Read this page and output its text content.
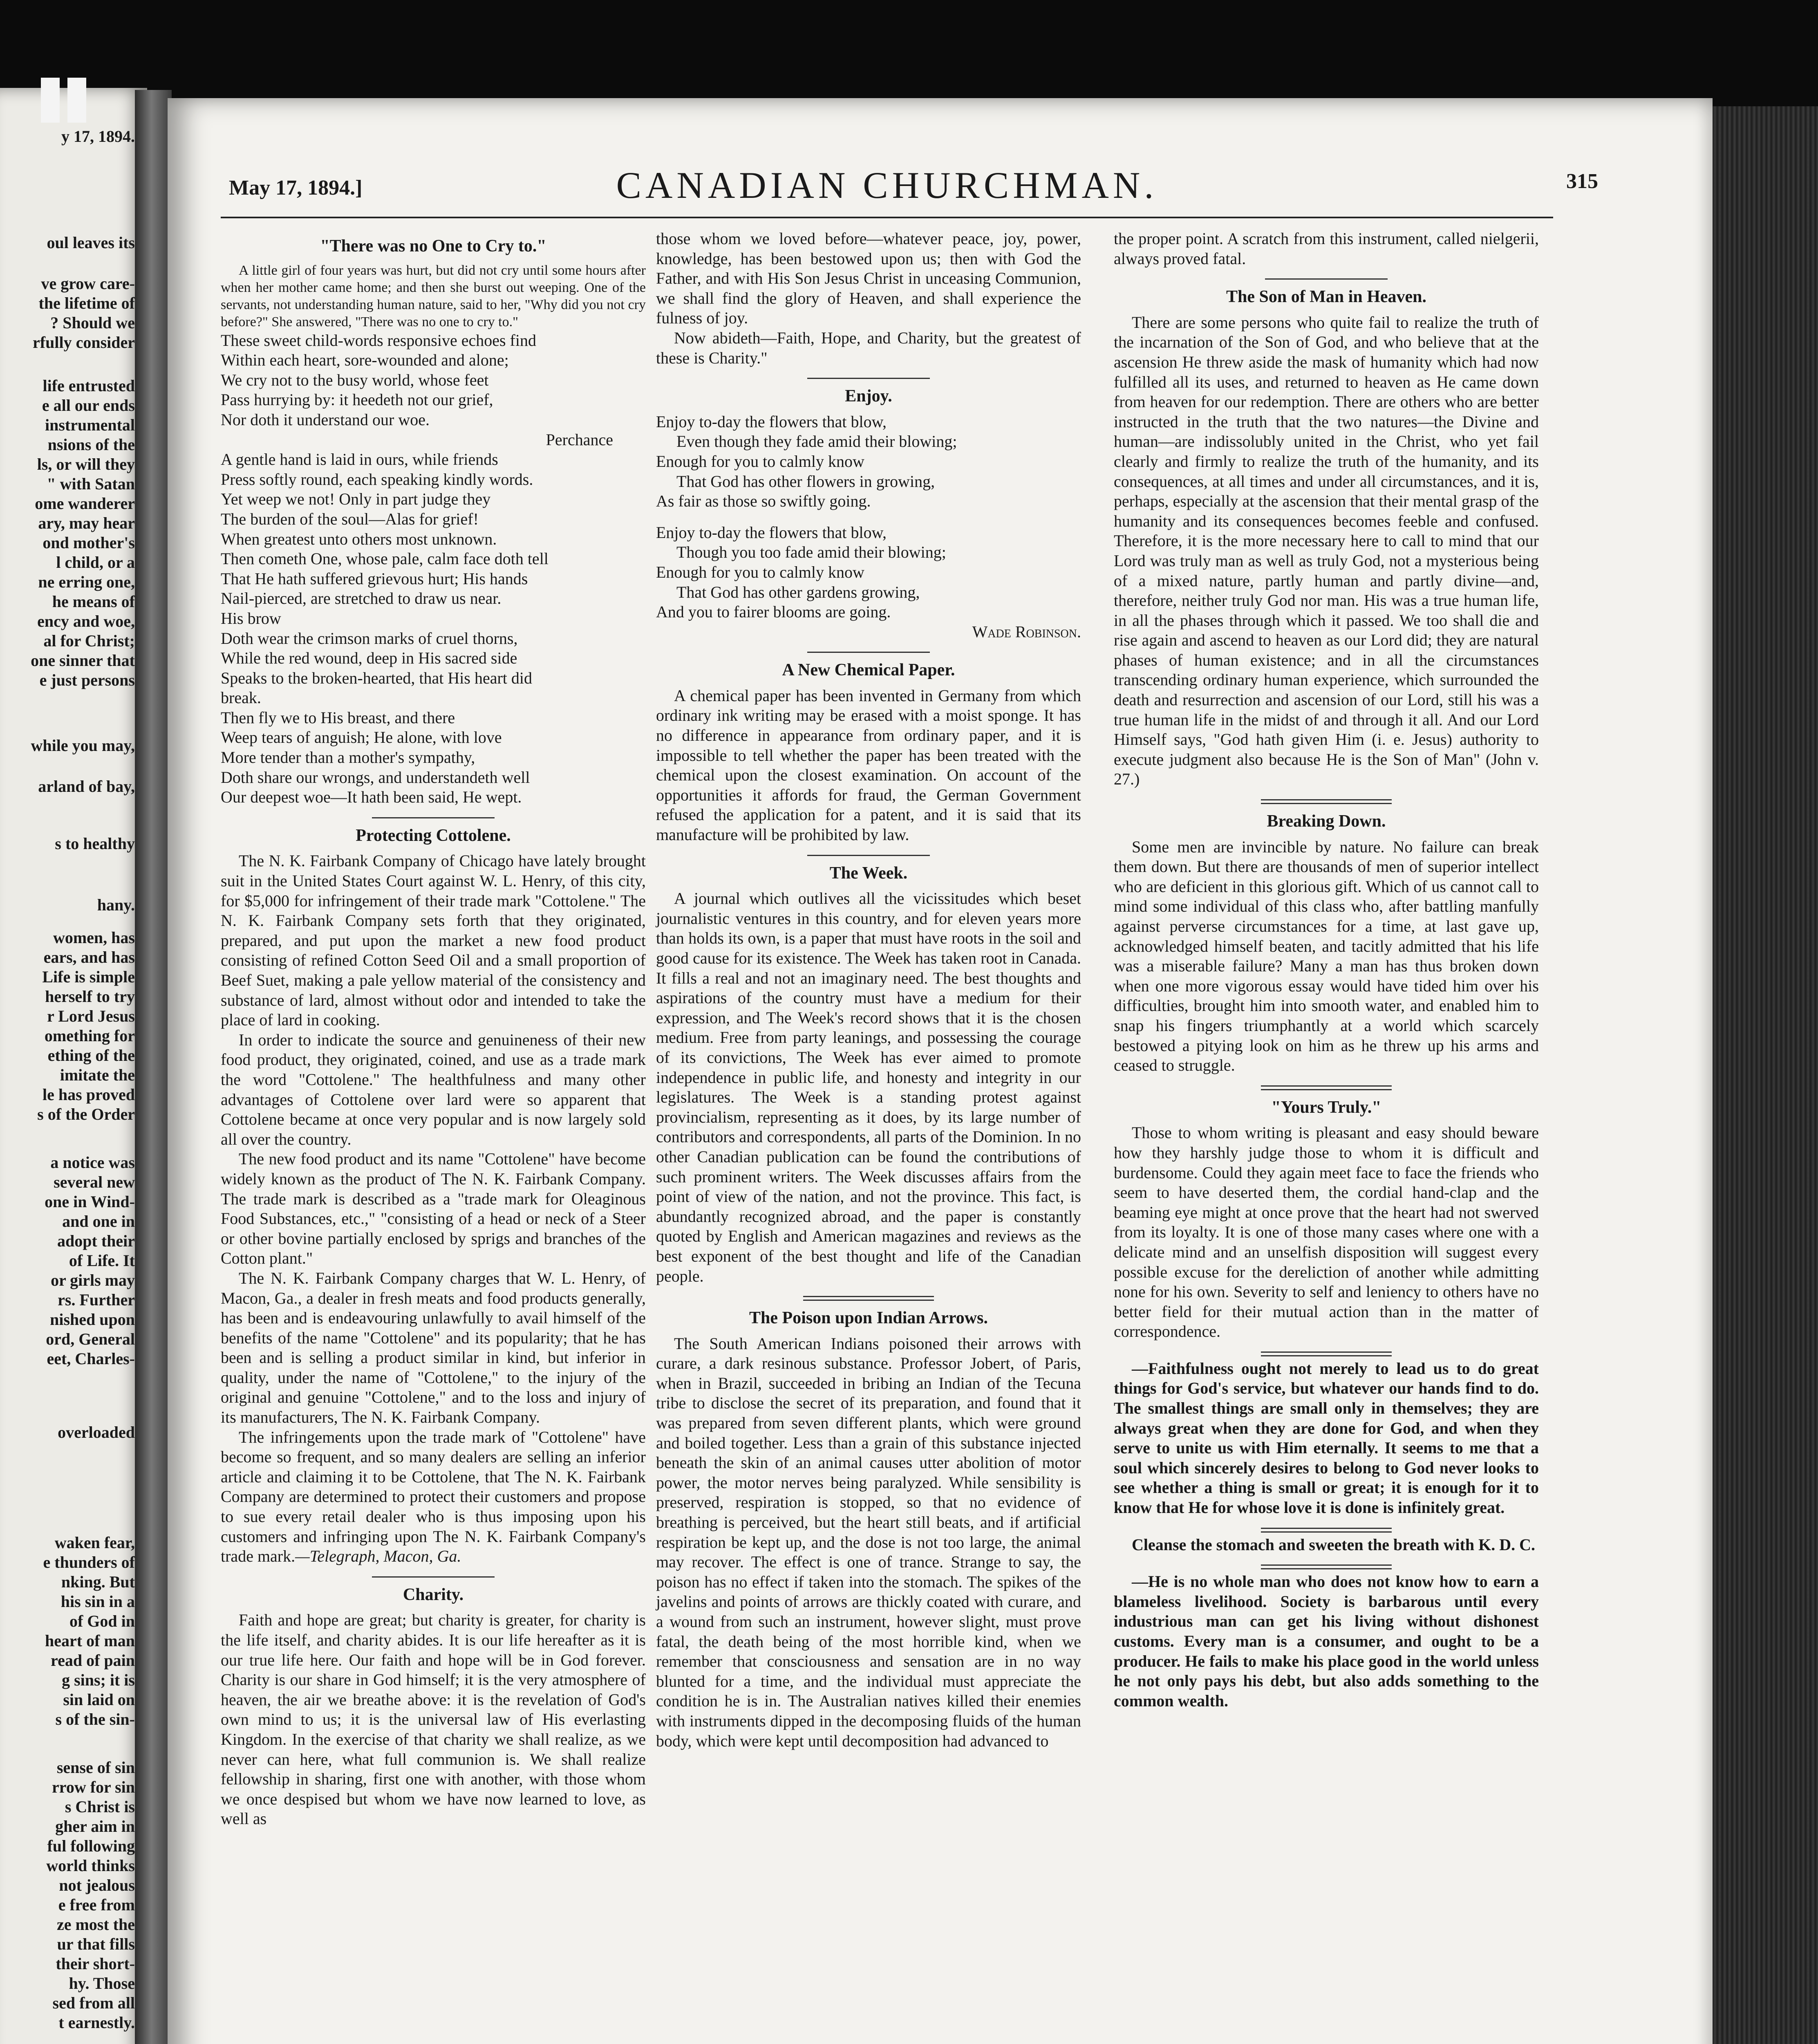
y 17, 1894.
oul leaves its
ve grow care-
the lifetime of
? Should we
rfully consider
life entrusted
e all our ends
instrumental
nsions of the
ls, or will they
" with Satan
ome wanderer
ary, may hear
ond mother's
l child, or a
ne erring one,
he means of
ency and woe,
al for Christ;
one sinner that
e just persons
while you may,
arland of bay,
s to healthy
hany.
women, has
ears, and has
Life is simple
herself to try
r Lord Jesus
omething for
ething of the
imitate the
le has proved
s of the Order
a notice was
several new
one in Wind-
and one in
adopt their
of Life. It
or girls may
rs. Further
nished upon
ord, General
eet, Charles-
overloaded
waken fear,
e thunders of
nking. But
his sin in a
of God in
heart of man
read of pain
g sins; it is
sin laid on
s of the sin-
sense of sin
rrow for sin
s Christ is
gher aim in
ful following
world thinks
not jealous
e free from
ze most the
ur that fills
their short-
hy. Those
sed from all
t earnestly.
May 17, 1894.]	CANADIAN CHURCHMAN.	315
"There was no One to Cry to."

A little girl of four years was hurt, but did not cry until some hours after when her mother came home; and then she burst out weeping. One of the servants, not understanding human nature, said to her, "Why did you not cry before?" She answered, "There was no one to cry to."

These sweet child-words responsive echoes find

Within each heart, sore-wounded and alone;

We cry not to the busy world, whose feet

Pass hurrying by: it heedeth not our grief,

Nor doth it understand our woe.

Perchance

A gentle hand is laid in ours, while friends

Press softly round, each speaking kindly words.

Yet weep we not! Only in part judge they

The burden of the soul—Alas for grief!

When greatest unto others most unknown.

Then cometh One, whose pale, calm face doth tell

That He hath suffered grievous hurt; His hands

Nail-pierced, are stretched to draw us near.

His brow

Doth wear the crimson marks of cruel thorns,

While the red wound, deep in His sacred side

Speaks to the broken-hearted, that His heart did

break.

Then fly we to His breast, and there

Weep tears of anguish; He alone, with love

More tender than a mother's sympathy,

Doth share our wrongs, and understandeth well

Our deepest woe—It hath been said, He wept.

Protecting Cottolene.

The N. K. Fairbank Company of Chicago have lately brought suit in the United States Court against W. L. Henry, of this city, for $5,000 for infringement of their trade mark "Cottolene." The N. K. Fairbank Company sets forth that they originated, prepared, and put upon the market a new food product consisting of refined Cotton Seed Oil and a small proportion of Beef Suet, making a pale yellow material of the consistency and substance of lard, almost without odor and intended to take the place of lard in cooking.

In order to indicate the source and genuineness of their new food product, they originated, coined, and use as a trade mark the word "Cottolene." The healthfulness and many other advantages of Cottolene over lard were so apparent that Cottolene became at once very popular and is now largely sold all over the country.

The new food product and its name "Cottolene" have become widely known as the product of The N. K. Fairbank Company. The trade mark is described as a "trade mark for Oleaginous Food Substances, etc.," "consisting of a head or neck of a Steer or other bovine partially enclosed by sprigs and branches of the Cotton plant."

The N. K. Fairbank Company charges that W. L. Henry, of Macon, Ga., a dealer in fresh meats and food products generally, has been and is endeavouring unlawfully to avail himself of the benefits of the name "Cottolene" and its popularity; that he has been and is selling a product similar in kind, but inferior in quality, under the name of "Cottolene," to the injury of the original and genuine "Cottolene," and to the loss and injury of its manufacturers, The N. K. Fairbank Company.

The infringements upon the trade mark of "Cottolene" have become so frequent, and so many dealers are selling an inferior article and claiming it to be Cottolene, that The N. K. Fairbank Company are determined to protect their customers and propose to sue every retail dealer who is thus imposing upon his customers and infringing upon The N. K. Fairbank Company's trade mark.—Telegraph, Macon, Ga.

Charity.

Faith and hope are great; but charity is greater, for charity is the life itself, and charity abides. It is our life hereafter as it is our true life here. Our faith and hope will be in God forever. Charity is our share in God himself; it is the very atmosphere of heaven, the air we breathe above: it is the revelation of God's own mind to us; it is the universal law of His everlasting Kingdom. In the exercise of that charity we shall realize, as we never can here, what full communion is. We shall realize fellowship in sharing, first one with another, with those whom we once despised but whom we have now learned to love, as well as

those whom we loved before—whatever peace, joy, power, knowledge, has been bestowed upon us; then with God the Father, and with His Son Jesus Christ in unceasing Communion, we shall find the glory of Heaven, and shall experience the fulness of joy.

Now abideth—Faith, Hope, and Charity, but the greatest of these is Charity."

Enjoy.

Enjoy to-day the flowers that blow,

Even though they fade amid their blowing;

Enough for you to calmly know

That God has other flowers in growing,

As fair as those so swiftly going.

Enjoy to-day the flowers that blow,

Though you too fade amid their blowing;

Enough for you to calmly know

That God has other gardens growing,

And you to fairer blooms are going.

Wade Robinson.

A New Chemical Paper.

A chemical paper has been invented in Germany from which ordinary ink writing may be erased with a moist sponge. It has no difference in appearance from ordinary paper, and it is impossible to tell whether the paper has been treated with the chemical upon the closest examination. On account of the opportunities it affords for fraud, the German Government refused the application for a patent, and it is said that its manufacture will be prohibited by law.

The Week.

A journal which outlives all the vicissitudes which beset journalistic ventures in this country, and for eleven years more than holds its own, is a paper that must have roots in the soil and good cause for its existence. The Week has taken root in Canada. It fills a real and not an imaginary need. The best thoughts and aspirations of the country must have a medium for their expression, and The Week's record shows that it is the chosen medium. Free from party leanings, and possessing the courage of its convictions, The Week has ever aimed to promote independence in public life, and honesty and integrity in our legislatures. The Week is a standing protest against provincialism, representing as it does, by its large number of contributors and correspondents, all parts of the Dominion. In no other Canadian publication can be found the contributions of such prominent writers. The Week discusses affairs from the point of view of the nation, and not the province. This fact, is abundantly recognized abroad, and the paper is constantly quoted by English and American magazines and reviews as the best exponent of the best thought and life of the Canadian people.

The Poison upon Indian Arrows.

The South American Indians poisoned their arrows with curare, a dark resinous substance. Professor Jobert, of Paris, when in Brazil, succeeded in bribing an Indian of the Tecuna tribe to disclose the secret of its preparation, and found that it was prepared from seven different plants, which were ground and boiled together. Less than a grain of this substance injected beneath the skin of an animal causes utter abolition of motor power, the motor nerves being paralyzed. While sensibility is preserved, respiration is stopped, so that no evidence of breathing is perceived, but the heart still beats, and if artificial respiration be kept up, and the dose is not too large, the animal may recover. The effect is one of trance. Strange to say, the poison has no effect if taken into the stomach. The spikes of the javelins and points of arrows are thickly coated with curare, and a wound from such an instrument, however slight, must prove fatal, the death being of the most horrible kind, when we remember that consciousness and sensation are in no way blunted for a time, and the individual must appreciate the condition he is in. The Australian natives killed their enemies with instruments dipped in the decomposing fluids of the human body, which were kept until decomposition had advanced to

the proper point. A scratch from this instrument, called nielgerii, always proved fatal.

The Son of Man in Heaven.

There are some persons who quite fail to realize the truth of the incarnation of the Son of God, and who believe that at the ascension He threw aside the mask of humanity which had now fulfilled all its uses, and returned to heaven as He came down from heaven for our redemption. There are others who are better instructed in the truth that the two natures—the Divine and human—are indissolubly united in the Christ, who yet fail clearly and firmly to realize the truth of the humanity, and its consequences, at all times and under all circumstances, and it is, perhaps, especially at the ascension that their mental grasp of the humanity and its consequences becomes feeble and confused. Therefore, it is the more necessary here to call to mind that our Lord was truly man as well as truly God, not a mysterious being of a mixed nature, partly human and partly divine—and, therefore, neither truly God nor man. His was a true human life, in all the phases through which it passed. We too shall die and rise again and ascend to heaven as our Lord did; they are natural phases of human existence; and in all the circumstances transcending ordinary human experience, which surrounded the death and resurrection and ascension of our Lord, still his was a true human life in the midst of and through it all. And our Lord Himself says, "God hath given Him (i. e. Jesus) authority to execute judgment also because He is the Son of Man" (John v. 27.)

Breaking Down.

Some men are invincible by nature. No failure can break them down. But there are thousands of men of superior intellect who are deficient in this glorious gift. Which of us cannot call to mind some individual of this class who, after battling manfully against perverse circumstances for a time, at last gave up, acknowledged himself beaten, and tacitly admitted that his life was a miserable failure? Many a man has thus broken down when one more vigorous essay would have tided him over his difficulties, brought him into smooth water, and enabled him to snap his fingers triumphantly at a world which scarcely bestowed a pitying look on him as he threw up his arms and ceased to struggle.

"Yours Truly."

Those to whom writing is pleasant and easy should beware how they harshly judge those to whom it is difficult and burdensome. Could they again meet face to face the friends who seem to have deserted them, the cordial hand-clap and the beaming eye might at once prove that the heart had not swerved from its loyalty. It is one of those many cases where one with a delicate mind and an unselfish disposition will suggest every possible excuse for the dereliction of another while admitting none for his own. Severity to self and leniency to others have no better field for their mutual action than in the matter of correspondence.

—Faithfulness ought not merely to lead us to do great things for God's service, but whatever our hands find to do. The smallest things are small only in themselves; they are always great when they are done for God, and when they serve to unite us with Him eternally. It seems to me that a soul which sincerely desires to belong to God never looks to see whether a thing is small or great; it is enough for it to know that He for whose love it is done is infinitely great.

Cleanse the stomach and sweeten the breath with K. D. C.

—He is no whole man who does not know how to earn a blameless livelihood. Society is barbarous until every industrious man can get his living without dishonest customs. Every man is a consumer, and ought to be a producer. He fails to make his place good in the world unless he not only pays his debt, but also adds something to the common wealth.
